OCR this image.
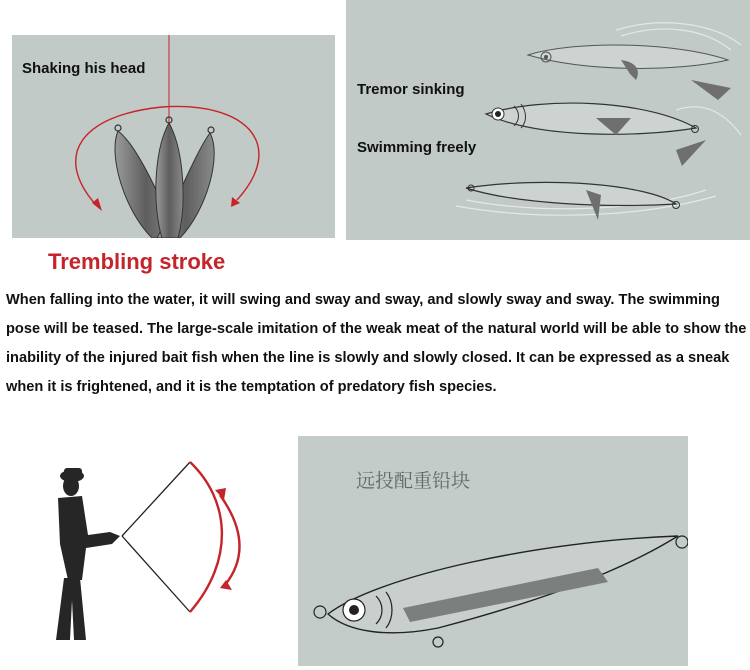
Shaking his head
Tremor sinking
Swimming freely
Trembling stroke
When falling into the water, it will swing and sway and sway, and slowly sway and sway. The swimming pose will be teased. The large-scale imitation of the weak meat of the natural world will be able to show the inability of the injured bait fish when the line is slowly and slowly closed. It can be expressed as a sneak when it is frightened, and it is the temptation of predatory fish species.
远投配重铅块
